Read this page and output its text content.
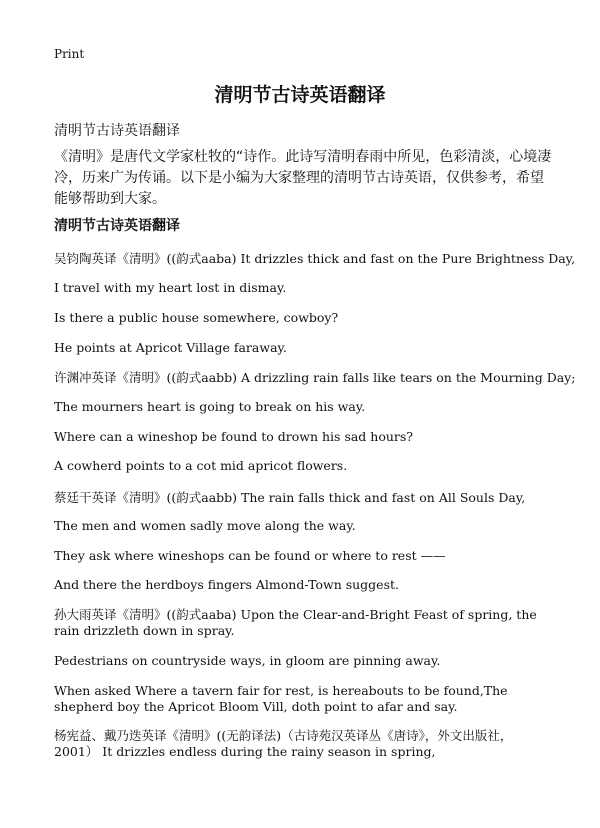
Print
清明节古诗英语翻译
清明节古诗英语翻译
《清明》是唐代文学家杜牧的“诗作。此诗写清明春雨中所见，色彩清淡，心境凄冷，历来广为传诵。以下是小编为大家整理的清明节古诗英语，仅供参考，希望能够帮助到大家。
清明节古诗英语翻译
吴钧陶英译《清明》((韵式aaba) It drizzles thick and fast on the Pure Brightness Day,
I travel with my heart lost in dismay.
Is there a public house somewhere, cowboy?
He points at Apricot Village faraway.
许渊冲英译《清明》((韵式aabb) A drizzling rain falls like tears on the Mourning Day;
The mourners heart is going to break on his way.
Where can a wineshop be found to drown his sad hours?
A cowherd points to a cot mid apricot flowers.
蔡廷干英译《清明》((韵式aabb) The rain falls thick and fast on All Souls Day,
The men and women sadly move along the way.
They ask where wineshops can be found or where to rest ——
And there the herdboys fingers Almond-Town suggest.
孙大雨英译《清明》((韵式aaba) Upon the Clear-and-Bright Feast of spring, the rain drizzleth down in spray.
Pedestrians on countryside ways, in gloom are pinning away.
When asked Where a tavern fair for rest, is hereabouts to be found,The shepherd boy the Apricot Bloom Vill, doth point to afar and say.
杨宪益、戴乃迭英译《清明》((无韵译法)（古诗苑汉英译丛《唐诗》，外文出版社，2001） It drizzles endless during the rainy season in spring,
